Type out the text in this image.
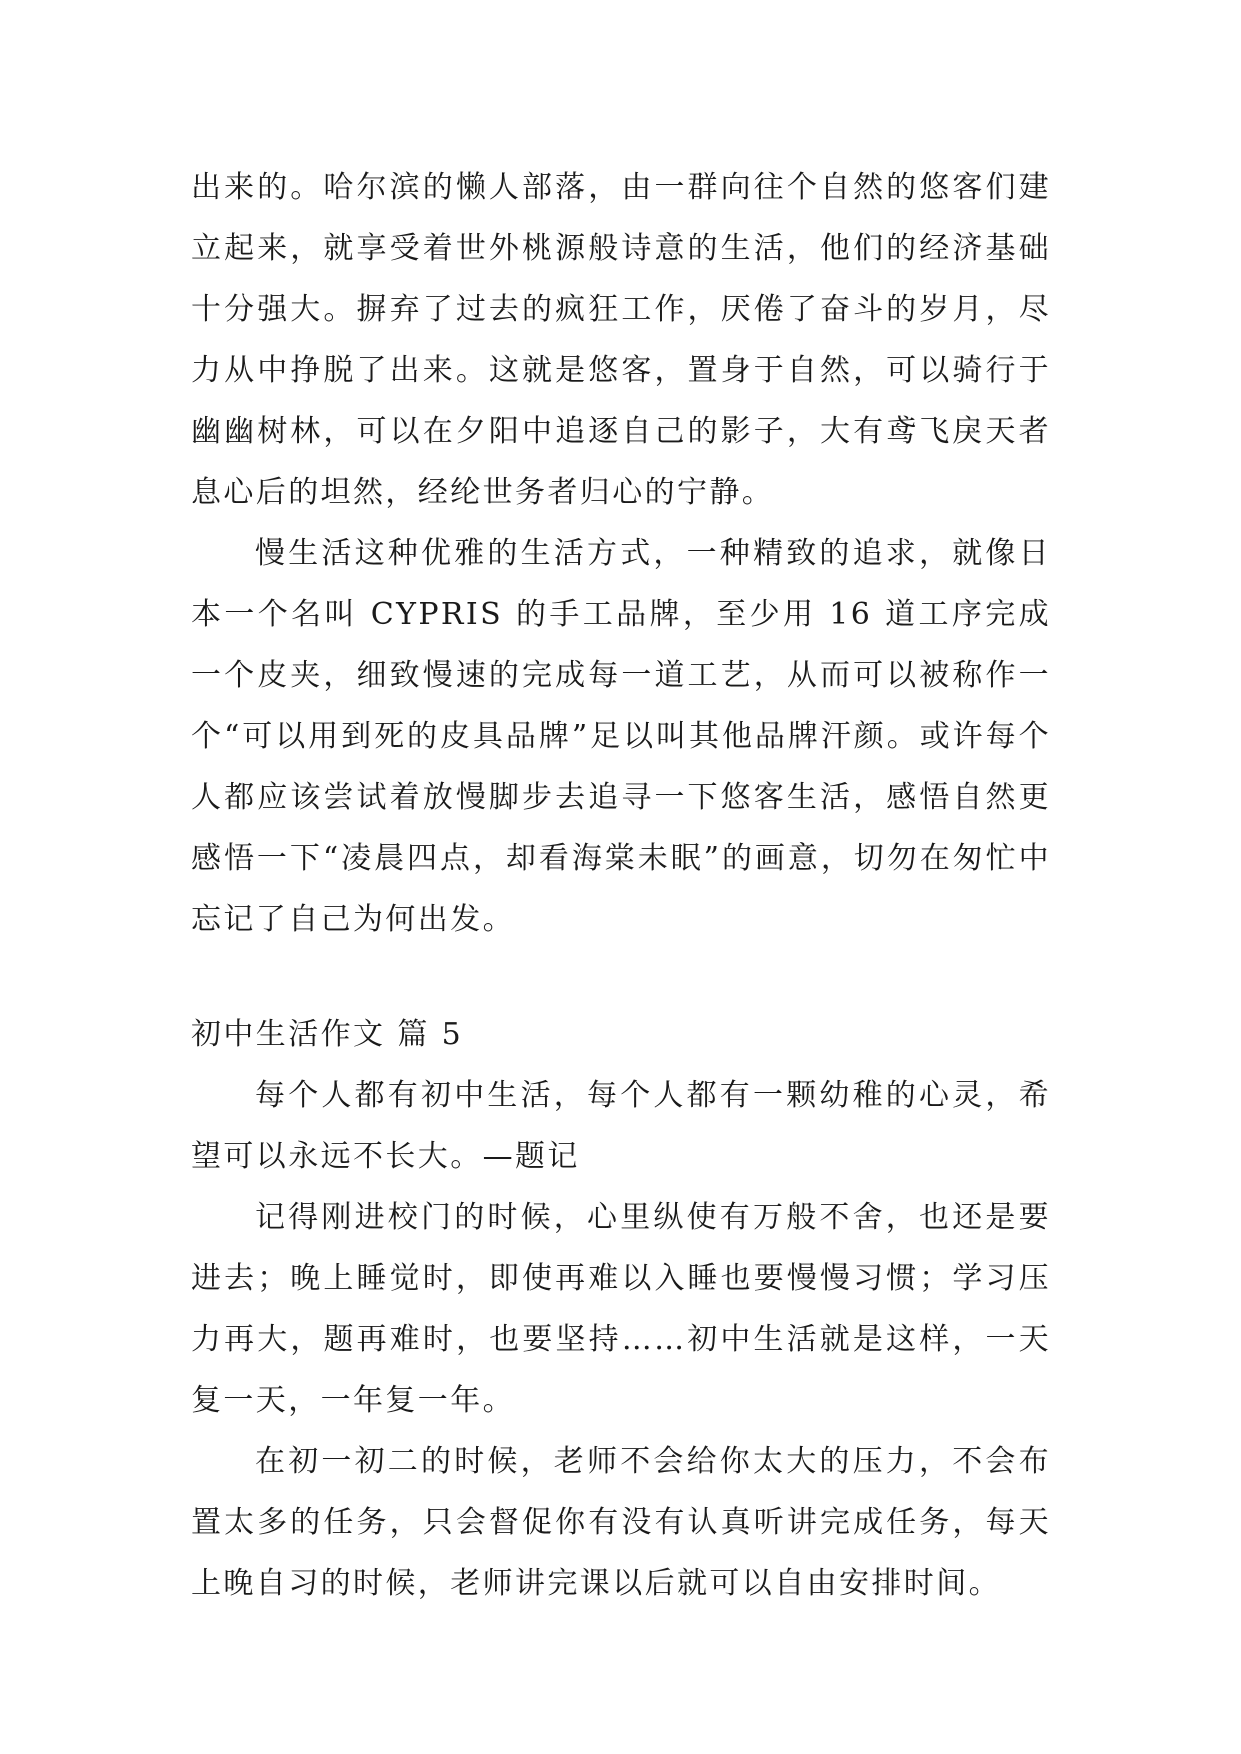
出来的。哈尔滨的懒人部落，由一群向往个自然的悠客们建立起来，就享受着世外桃源般诗意的生活，他们的经济基础十分强大。摒弃了过去的疯狂工作，厌倦了奋斗的岁月，尽力从中挣脱了出来。这就是悠客，置身于自然，可以骑行于幽幽树林，可以在夕阳中追逐自己的影子，大有鸢飞戾天者息心后的坦然，经纶世务者归心的宁静。

慢生活这种优雅的生活方式，一种精致的追求，就像日本一个名叫 CYPRIS 的手工品牌，至少用 16 道工序完成一个皮夹，细致慢速的完成每一道工艺，从而可以被称作一个“可以用到死的皮具品牌”足以叫其他品牌汗颜。或许每个人都应该尝试着放慢脚步去追寻一下悠客生活，感悟自然更感悟一下“凌晨四点，却看海棠未眠”的画意，切勿在匆忙中忘记了自己为何出发。

初中生活作文 篇 5

每个人都有初中生活，每个人都有一颗幼稚的心灵，希望可以永远不长大。—题记

记得刚进校门的时候，心里纵使有万般不舍，也还是要进去；晚上睡觉时，即使再难以入睡也要慢慢习惯；学习压力再大，题再难时，也要坚持……初中生活就是这样，一天复一天，一年复一年。

在初一初二的时候，老师不会给你太大的压力，不会布置太多的任务，只会督促你有没有认真听讲完成任务，每天上晚自习的时候，老师讲完课以后就可以自由安排时间。
